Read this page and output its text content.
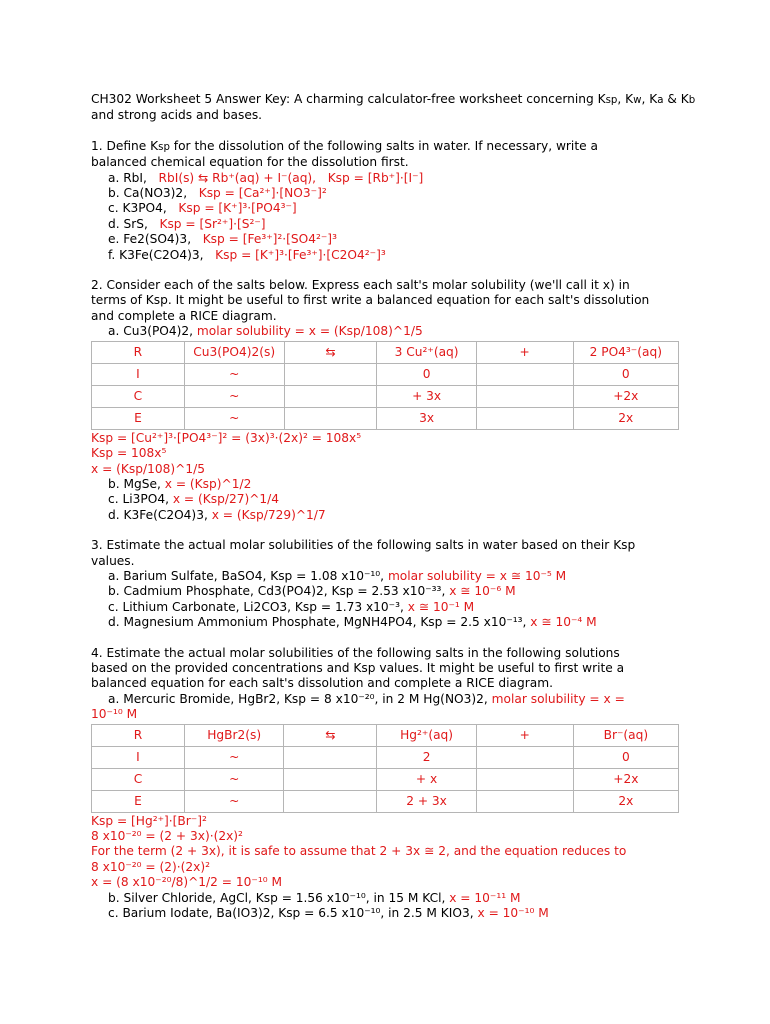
CH302 Worksheet 5 Answer Key: A charming calculator-free worksheet concerning Ksp, Kw, Ka & Kb
and strong acids and bases.
1. Define Ksp for the dissolution of the following salts in water. If necessary, write a
balanced chemical equation for the dissolution first.
a. RbI, RbI(s) ⇆ Rb⁺(aq) + I⁻(aq), Ksp = [Rb⁺]·[I⁻]
b. Ca(NO3)2, Ksp = [Ca²⁺]·[NO3⁻]²
c. K3PO4, Ksp = [K⁺]³·[PO4³⁻]
d. SrS, Ksp = [Sr²⁺]·[S²⁻]
e. Fe2(SO4)3, Ksp = [Fe³⁺]²·[SO4²⁻]³
f. K3Fe(C2O4)3, Ksp = [K⁺]³·[Fe³⁺]·[C2O4²⁻]³
2. Consider each of the salts below. Express each salt's molar solubility (we'll call it x) in
terms of Ksp. It might be useful to first write a balanced equation for each salt's dissolution
and complete a RICE diagram.
a. Cu3(PO4)2, molar solubility = x = (Ksp/108)^1/5
R	Cu3(PO4)2(s)	⇆	3 Cu²⁺(aq)	+	2 PO4³⁻(aq)
I	~		0		0
C	~		+ 3x		+2x
E	~		3x		2x
Ksp = [Cu²⁺]³·[PO4³⁻]² = (3x)³·(2x)² = 108x⁵
Ksp = 108x⁵
x = (Ksp/108)^1/5
b. MgSe, x = (Ksp)^1/2
c. Li3PO4, x = (Ksp/27)^1/4
d. K3Fe(C2O4)3, x = (Ksp/729)^1/7
3. Estimate the actual molar solubilities of the following salts in water based on their Ksp
values.
a. Barium Sulfate, BaSO4, Ksp = 1.08 x10⁻¹⁰, molar solubility = x ≅ 10⁻⁵ M
b. Cadmium Phosphate, Cd3(PO4)2, Ksp = 2.53 x10⁻³³, x ≅ 10⁻⁶ M
c. Lithium Carbonate, Li2CO3, Ksp = 1.73 x10⁻³, x ≅ 10⁻¹ M
d. Magnesium Ammonium Phosphate, MgNH4PO4, Ksp = 2.5 x10⁻¹³, x ≅ 10⁻⁴ M
4. Estimate the actual molar solubilities of the following salts in the following solutions
based on the provided concentrations and Ksp values. It might be useful to first write a
balanced equation for each salt's dissolution and complete a RICE diagram.
a. Mercuric Bromide, HgBr2, Ksp = 8 x10⁻²⁰, in 2 M Hg(NO3)2, molar solubility = x =
10⁻¹⁰ M
R	HgBr2(s)	⇆	Hg²⁺(aq)	+	Br⁻(aq)
I	~		2		0
C	~		+ x		+2x
E	~		2 + 3x		2x
Ksp = [Hg²⁺]·[Br⁻]²
8 x10⁻²⁰ = (2 + 3x)·(2x)²
For the term (2 + 3x), it is safe to assume that 2 + 3x ≅ 2, and the equation reduces to
8 x10⁻²⁰ = (2)·(2x)²
x = (8 x10⁻²⁰/8)^1/2 = 10⁻¹⁰ M
b. Silver Chloride, AgCl, Ksp = 1.56 x10⁻¹⁰, in 15 M KCl, x = 10⁻¹¹ M
c. Barium Iodate, Ba(IO3)2, Ksp = 6.5 x10⁻¹⁰, in 2.5 M KIO3, x = 10⁻¹⁰ M
